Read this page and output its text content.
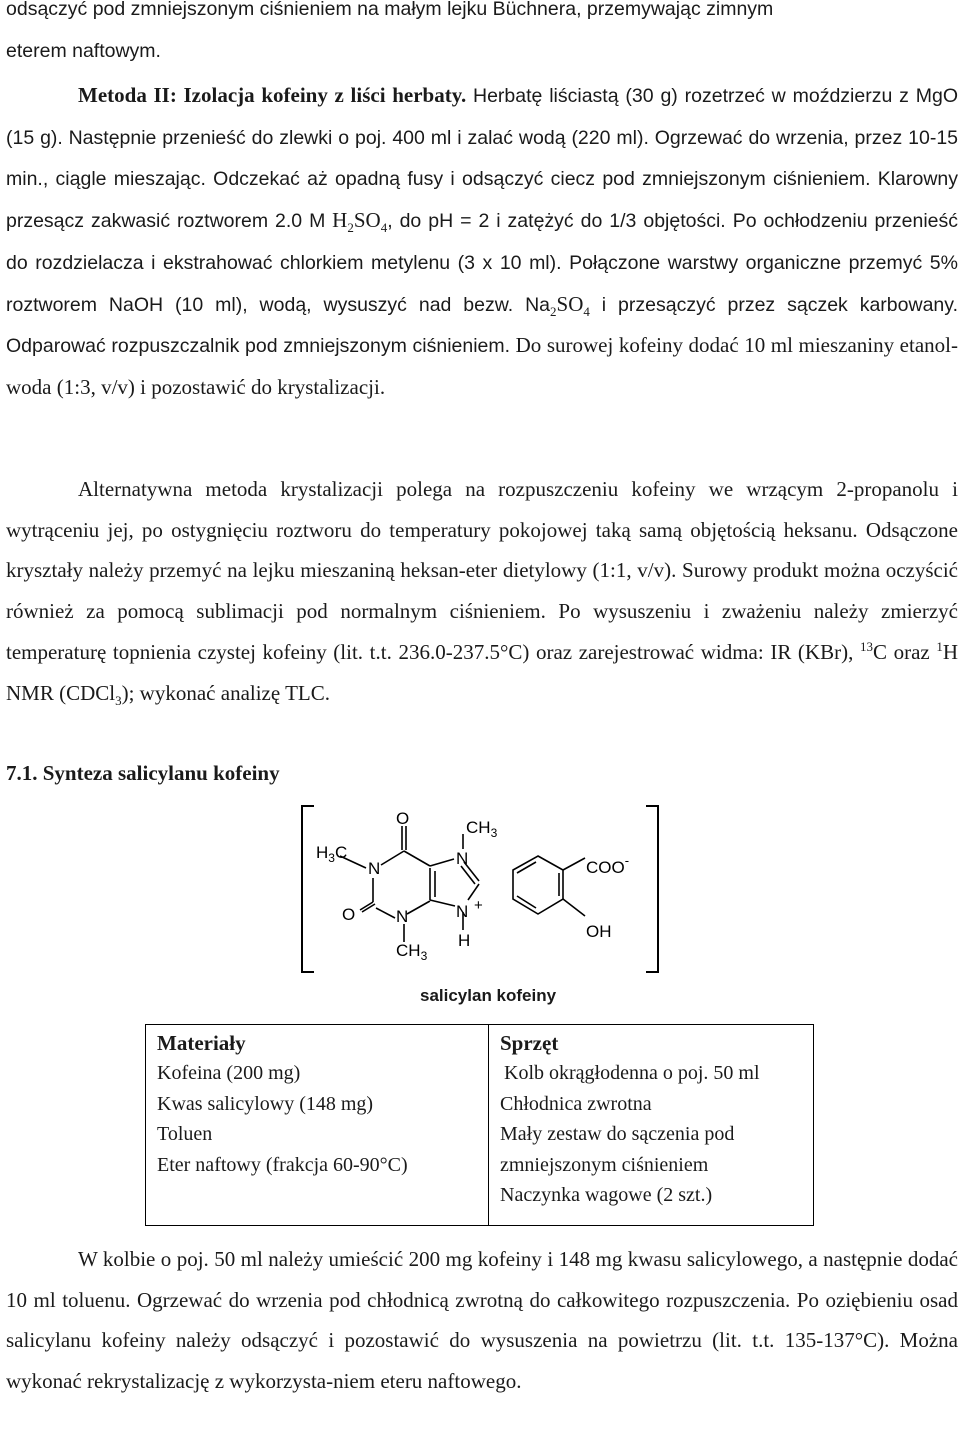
odsączyć pod zmniejszonym ciśnieniem na małym lejku Büchnera, przemywając zimnym
eterem naftowym.

Metoda II: Izolacja kofeiny z liści herbaty. Herbatę liściastą (30 g) rozetrzeć w moździerzu z MgO (15 g). Następnie przenieść do zlewki o poj. 400 ml i zalać wodą (220 ml). Ogrzewać do wrzenia, przez 10-15 min., ciągle mieszając. Odczekać aż opadną fusy i odsączyć ciecz pod zmniejszonym ciśnieniem. Klarowny przesącz zakwasić roztworem 2.0 M $H_2SO_4$, do pH = 2 i zatężyć do 1/3 objętości. Po ochłodzeniu przenieść do rozdzielacza i ekstrahować chlorkiem metylenu (3 x 10 ml). Połączone warstwy organiczne przemyć 5% roztworem NaOH (10 ml), wodą, wysuszyć nad bezw. $Na_2SO_4$ i przesączyć przez sączek karbowany. Odparować rozpuszczalnik pod zmniejszonym ciśnieniem. Do surowej kofeiny dodać 10 ml mieszaniny etanol-woda (1:3, v/v) i pozostawić do krystalizacji.

Alternatywna metoda krystalizacji polega na rozpuszczeniu kofeiny we wrzącym 2-propanolu i wytrąceniu jej, po ostygnięciu roztworu do temperatury pokojowej taką samą objętością heksanu. Odsączone kryształy należy przemyć na lejku mieszaniną heksan-eter dietylowy (1:1, v/v). Surowy produkt można oczyścić również za pomocą sublimacji pod normalnym ciśnieniem. Po wysuszeniu i zważeniu należy zmierzyć temperaturę topnienia czystej kofeiny (lit. t.t. 236.0-237.5°C) oraz zarejestrować widma: IR (KBr), $^{13}$C oraz $^1$H NMR (CDCl$_3$); wykonać analizę TLC.

7.1. Synteza salicylanu kofeiny
O	$CH_3$
$H_3C$
N
N
O N	N +
$CH_3$
H
COO-
OH
salicylan kofeiny
Materiały
Kofeina (200 mg)
Kwas salicylowy (148 mg)
Toluen
Eter naftowy (frakcja 60-90°C)
Sprzęt
Kolb okrągłodenna o poj. 50 ml
Chłodnica zwrotna
Mały zestaw do sączenia pod
zmniejszonym ciśnieniem
Naczynka wagowe (2 szt.)

W kolbie o poj. 50 ml należy umieścić 200 mg kofeiny i 148 mg kwasu salicylowego, a następnie dodać 10 ml toluenu. Ogrzewać do wrzenia pod chłodnicą zwrotną do całkowitego rozpuszczenia. Po oziębieniu osad salicylanu kofeiny należy odsączyć i pozostawić do wysuszenia na powietrzu (lit. t.t. 135-137°C). Można wykonać rekrystalizację z wykorzysta-niem eteru naftowego.
